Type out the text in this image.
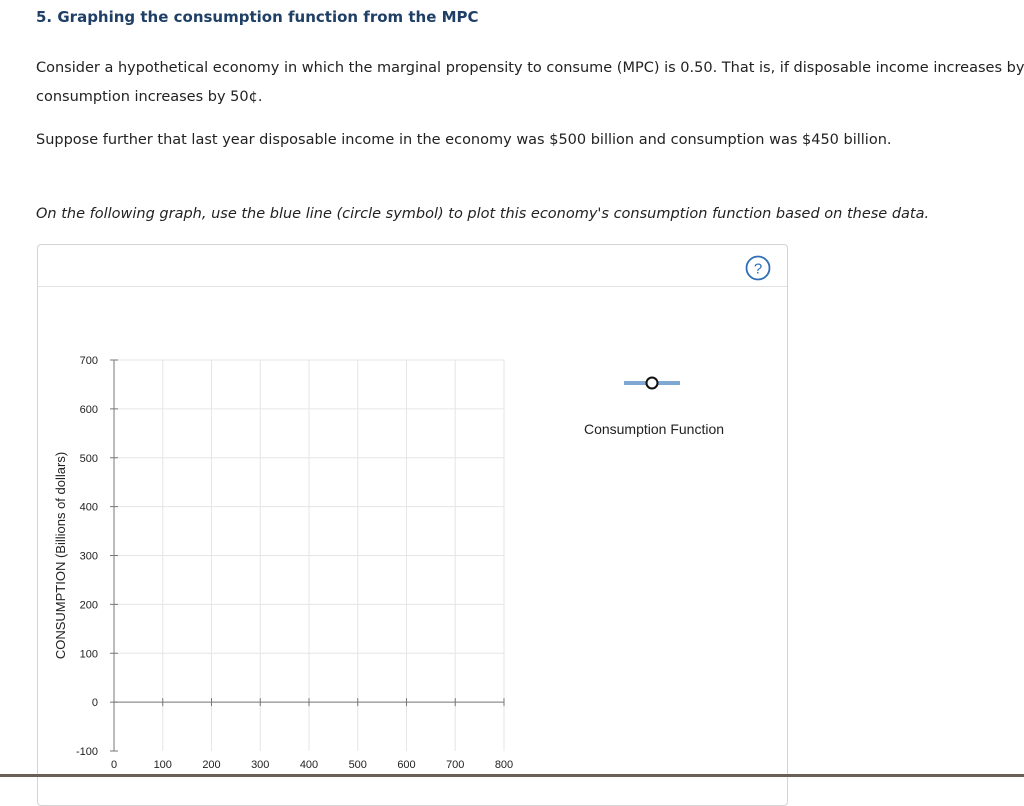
5. Graphing the consumption function from the MPC

Consider a hypothetical economy in which the marginal propensity to consume (MPC) is 0.50. That is, if disposable income increases by
consumption increases by 50¢.

Suppose further that last year disposable income in the economy was $500 billion and consumption was $450 billion.

On the following graph, use the blue line (circle symbol) to plot this economy's consumption function based on these data.

?
-100
0
100
200
300
400
500
600
700
0	100	200	300	400	500	600	700	800
CONSUMPTION (Billions of dollars)
Consumption Function
